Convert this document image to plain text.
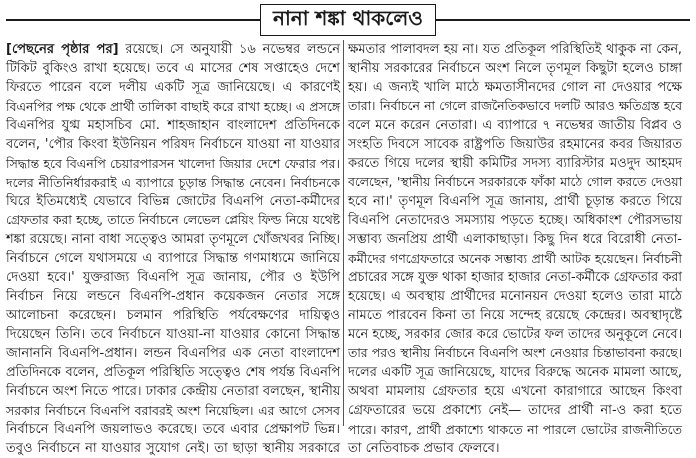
নানা শঙ্কা থাকলেও
[পেছনের পৃষ্ঠার পর] রয়েছে। সে অনুযায়ী ১৬ নভেম্বর লন্ডনে
টিকিট বুকিংও রাখা হয়েছে। তবে এ মাসের শেষ সপ্তাহেও দেশে
ফিরতে পারেন বলে দলীয় একটি সূত্র জানিয়েছে। এ কারণেই
বিএনপির পক্ষ থেকে প্রার্থী তালিকা বাছাই করে রাখা হচ্ছে। এ প্রসঙ্গে
বিএনপির যুগ্ম মহাসচিব মো. শাহজাহান বাংলাদেশ প্রতিদিনকে
বলেন, 'পৌর কিংবা ইউনিয়ন পরিষদ নির্বাচনে যাওয়া না যাওয়ার
সিদ্ধান্ত হবে বিএনপি চেয়ারপারসন খালেদা জিয়ার দেশে ফেরার পর।
দলের নীতিনির্ধারকরাই এ ব্যাপারে চূড়ান্ত সিদ্ধান্ত নেবেন। নির্বাচনকে
ঘিরে ইতিমধ্যেই যেভাবে বিভিন্ন জোটের বিএনপি নেতা-কর্মীদের
গ্রেফতার করা হচ্ছে, তাতে নির্বাচনে লেভেল প্লেয়িং ফিল্ড নিয়ে যথেষ্ট
শঙ্কা রয়েছে। নানা বাধা সত্ত্বেও আমরা তৃণমূলে খোঁজখবর নিচ্ছি।
নির্বাচনে গেলে যথাসময়ে এ ব্যাপারে সিদ্ধান্ত গণমাধ্যমে জানিয়ে
দেওয়া হবে।' যুক্তরাজ্য বিএনপি সূত্র জানায়, পৌর ও ইউপি
নির্বাচন নিয়ে লন্ডনে বিএনপি-প্রধান কয়েকজন নেতার সঙ্গে
আলোচনা করেছেন। চলমান পরিস্থিতি পর্যবেক্ষণের দায়িত্বও
দিয়েছেন তিনি। তবে নির্বাচনে যাওয়া-না যাওয়ার কোনো সিদ্ধান্ত
জানাননি বিএনপি-প্রধান। লন্ডন বিএনপির এক নেতা বাংলাদেশ
প্রতিদিনকে বলেন, প্রতিকূল পরিস্থিতি সত্ত্বেও শেষ পর্যন্ত বিএনপি
নির্বাচনে অংশ নিতে পারে। ঢাকার কেন্দ্রীয় নেতারা বলছেন, স্থানীয়
সরকার নির্বাচনে বিএনপি বরাবরই অংশ নিয়েছিল। এর আগে সেসব
নির্বাচনে বিএনপি জয়লাভও করেছে। তবে এবার প্রেক্ষাপট ভিন্ন।
তবুও নির্বাচনে না যাওয়ার সুযোগ নেই। তা ছাড়া স্থানীয় সরকারে
ক্ষমতার পালাবদল হয় না। যত প্রতিকূল পরিস্থিতিই থাকুক না কেন,
স্থানীয় সরকারের নির্বাচনে অংশ নিলে তৃণমূল কিছুটা হলেও চাঙ্গা
হয়। এ জন্যই খালি মাঠে ক্ষমতাসীনদের গোল না দেওয়ার পক্ষে
তারা। নির্বাচনে না গেলে রাজনৈতিকভাবে দলটি আরও ক্ষতিগ্রস্ত হবে
বলে মনে করেন নেতারা। এ ব্যাপারে ৭ নভেম্বর জাতীয় বিপ্লব ও
সংহতি দিবসে সাবেক রাষ্ট্রপতি জিয়াউর রহমানের কবর জিয়ারত
করতে গিয়ে দলের স্থায়ী কমিটির সদস্য ব্যারিস্টার মওদুদ আহমদ
বলেছেন, 'স্থানীয় নির্বাচনে সরকারকে ফাঁকা মাঠে গোল করতে দেওয়া
হবে না।' তৃণমূল বিএনপি সূত্র জানায়, প্রার্থী চূড়ান্ত করতে গিয়ে
বিএনপি নেতাদেরও সমস্যায় পড়তে হচ্ছে। অধিকাংশ পৌরসভায়
সম্ভাব্য জনপ্রিয় প্রার্থী এলাকাছাড়া। কিছু দিন ধরে বিরোধী নেতা-
কর্মীদের গণগ্রেফতারে অনেক সম্ভাব্য প্রার্থী আটক হয়েছেন। নির্বাচনী
প্রচারের সঙ্গে যুক্ত থাকা হাজার হাজার নেতা-কর্মীকে গ্রেফতার করা
হয়েছে। এ অবস্থায় প্রার্থীদের মনোনয়ন দেওয়া হলেও তারা মাঠে
নামতে পারবেন কিনা তা নিয়ে সন্দেহ রয়েছে কেন্দ্রের। অবস্থাদৃষ্টে
মনে হচ্ছে, সরকার জোর করে ভোটের ফল তাদের অনুকূলে নেবে।
তার পরও স্থানীয় নির্বাচনে বিএনপি অংশ নেওয়ার চিন্তাভাবনা করছে।
দলের একটি সূত্র জানিয়েছে, যাদের বিরুদ্ধে অনেক মামলা আছে,
অথবা মামলায় গ্রেফতার হয়ে এখনো কারাগারে আছেন কিংবা
গ্রেফতারের ভয়ে প্রকাশ্যে নেই— তাদের প্রার্থী না-ও করা হতে
পারে। কারণ, প্রার্থী প্রকাশ্যে থাকতে না পারলে ভোটের রাজনীতিতে
তা নেতিবাচক প্রভাব ফেলবে।
